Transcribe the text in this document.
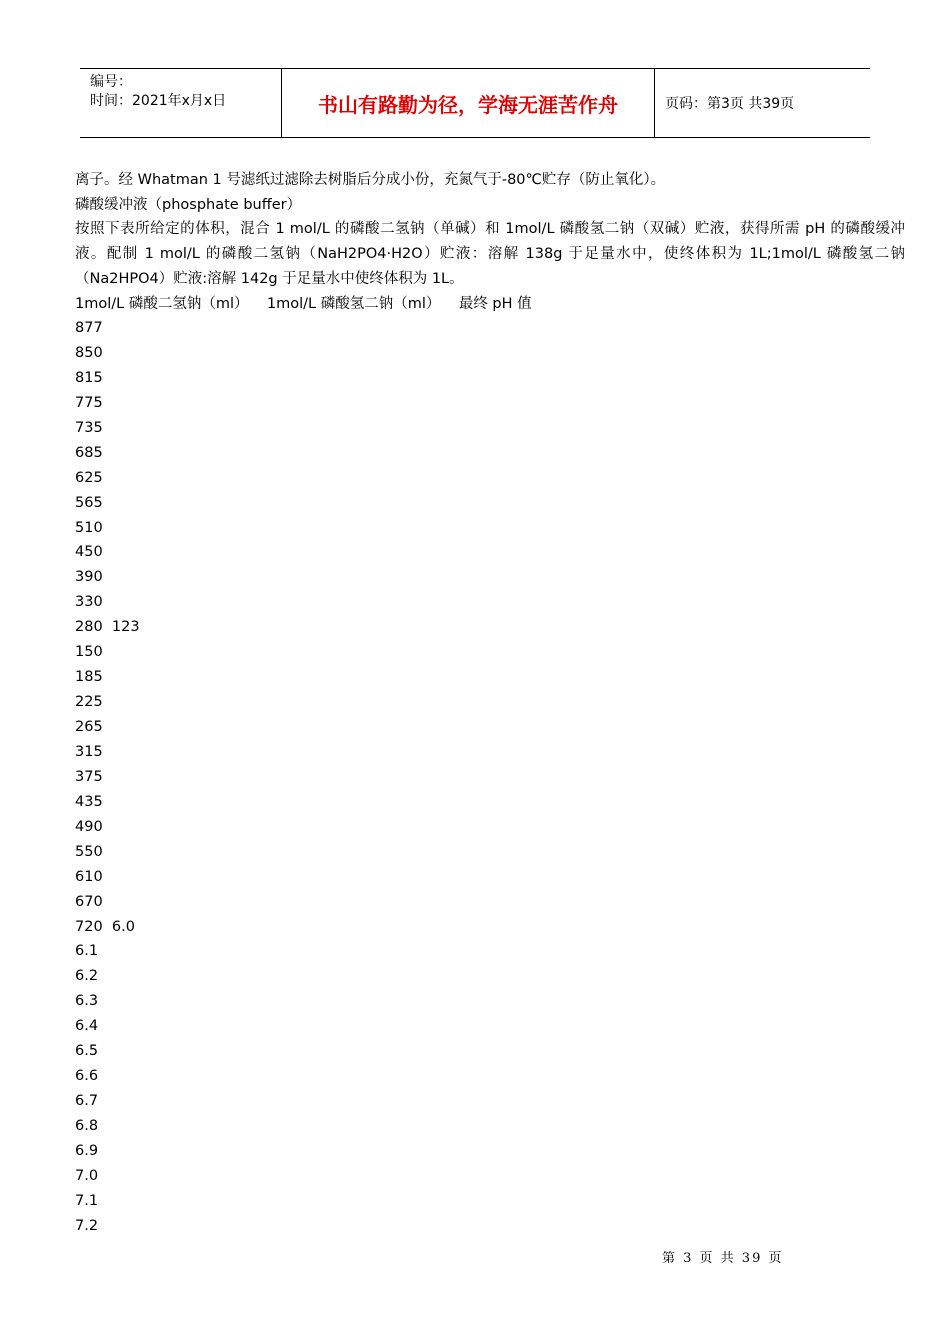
编号：
时间：2021年x月x日	书山有路勤为径，学海无涯苦作舟	页码：第3页 共39页

离子。经 Whatman 1 号滤纸过滤除去树脂后分成小份，充氮气于-80℃贮存（防止氧化）。

磷酸缓冲液（phosphate buffer）

按照下表所给定的体积，混合 1 mol/L 的磷酸二氢钠（单碱）和 1mol/L 磷酸氢二钠（双碱）贮液，获得所需 pH 的磷酸缓冲液。配制 1 mol/L 的磷酸二氢钠（NaH2PO4·H2O）贮液：溶解 138g 于足量水中，使终体积为 1L;1mol/L 磷酸氢二钠（Na2HPO4）贮液:溶解 142g 于足量水中使终体积为 1L。

1mol/L 磷酸二氢钠（ml）    1mol/L 磷酸氢二钠（ml）    最终 pH 值

877
850
815
775
735
685
625
565
510
450
390
330
280  123
150
185
225
265
315
375
435
490
550
610
670
720  6.0
6.1
6.2
6.3
6.4
6.5
6.6
6.7
6.8
6.9
7.0
7.1
7.2
第 3 页 共 39 页
